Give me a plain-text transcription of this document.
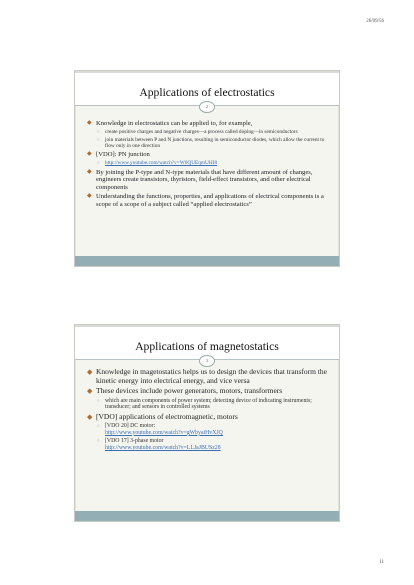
26/09/56
Applications of electrostatics
2
◆ Knowledge in electrostatics can be applied to, for example,
○ create positive charges and negative charges—a process called doping—in semiconductors
○ join materials between P and N junctions, resulting in semiconductor diodes, which allow the current to flow only in one direction
◆ [VDO]: PN junction
○ http://www.youtube.com/watch?v=W6QUEqmUHI8
◆ By joining the P-type and N-type materials that have different amount of changes, engineers create transistors, thyristors, field-effect transistors, and other electrical components
◆ Understanding the functions, properties, and applications of electrical components is a scope of a scope of a subject called “applied electrostatics”
Applications of magnetostatics
3
◆ Knowledge in magetostatics helps us to design the devices that transform the kinetic energy into electrical energy, and vice versa
◆ These devices include power generators, motors, transformers
○ which are main components of power system; detecting device of indicating instruments; transducer; and sensors in controlled systems
◆ [VDO] applications of electromagnetic, motors
○ [VDO 20] DC motor:
http://www.youtube.com/watch?v=gWbyaiHvXJQ
○ [VDO 17] 3-phase motor
http://www.youtube.com/watch?v=LLJaJBUSz28
11
